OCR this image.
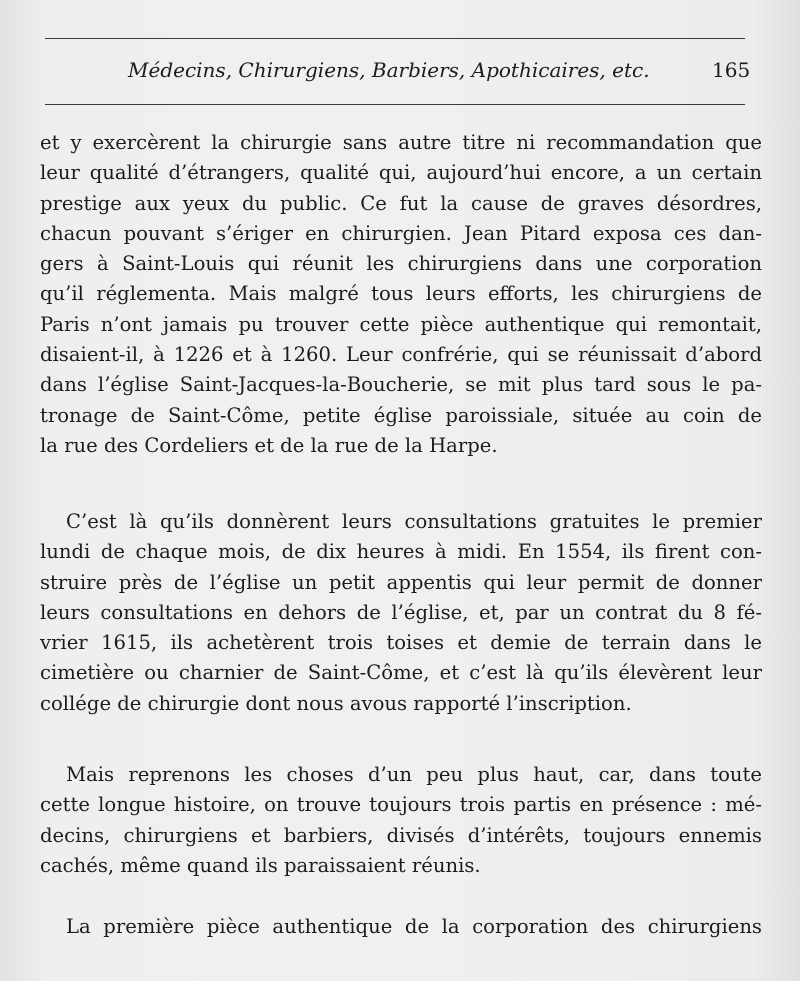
Médecins, Chirurgiens, Barbiers, Apothicaires, etc.	165
et y exercèrent la chirurgie sans autre titre ni recommandation que
leur qualité d’étrangers, qualité qui, aujourd’hui encore, a un certain
prestige aux yeux du public. Ce fut la cause de graves désordres,
chacun pouvant s’ériger en chirurgien. Jean Pitard exposa ces dan-
gers à Saint-Louis qui réunit les chirurgiens dans une corporation
qu’il réglementa. Mais malgré tous leurs efforts, les chirurgiens de
Paris n’ont jamais pu trouver cette pièce authentique qui remontait,
disaient-il, à 1226 et à 1260. Leur confrérie, qui se réunissait d’abord
dans l’église Saint-Jacques-la-Boucherie, se mit plus tard sous le pa-
tronage de Saint-Côme, petite église paroissiale, située au coin de
la rue des Cordeliers et de la rue de la Harpe.
C’est là qu’ils donnèrent leurs consultations gratuites le premier
lundi de chaque mois, de dix heures à midi. En 1554, ils firent con-
struire près de l’église un petit appentis qui leur permit de donner
leurs consultations en dehors de l’église, et, par un contrat du 8 fé-
vrier 1615, ils achetèrent trois toises et demie de terrain dans le
cimetière ou charnier de Saint-Côme, et c’est là qu’ils élevèrent leur
collége de chirurgie dont nous avous rapporté l’inscription.
Mais reprenons les choses d’un peu plus haut, car, dans toute
cette longue histoire, on trouve toujours trois partis en présence : mé-
decins, chirurgiens et barbiers, divisés d’intérêts, toujours ennemis
cachés, même quand ils paraissaient réunis.
La première pièce authentique de la corporation des chirurgiens
